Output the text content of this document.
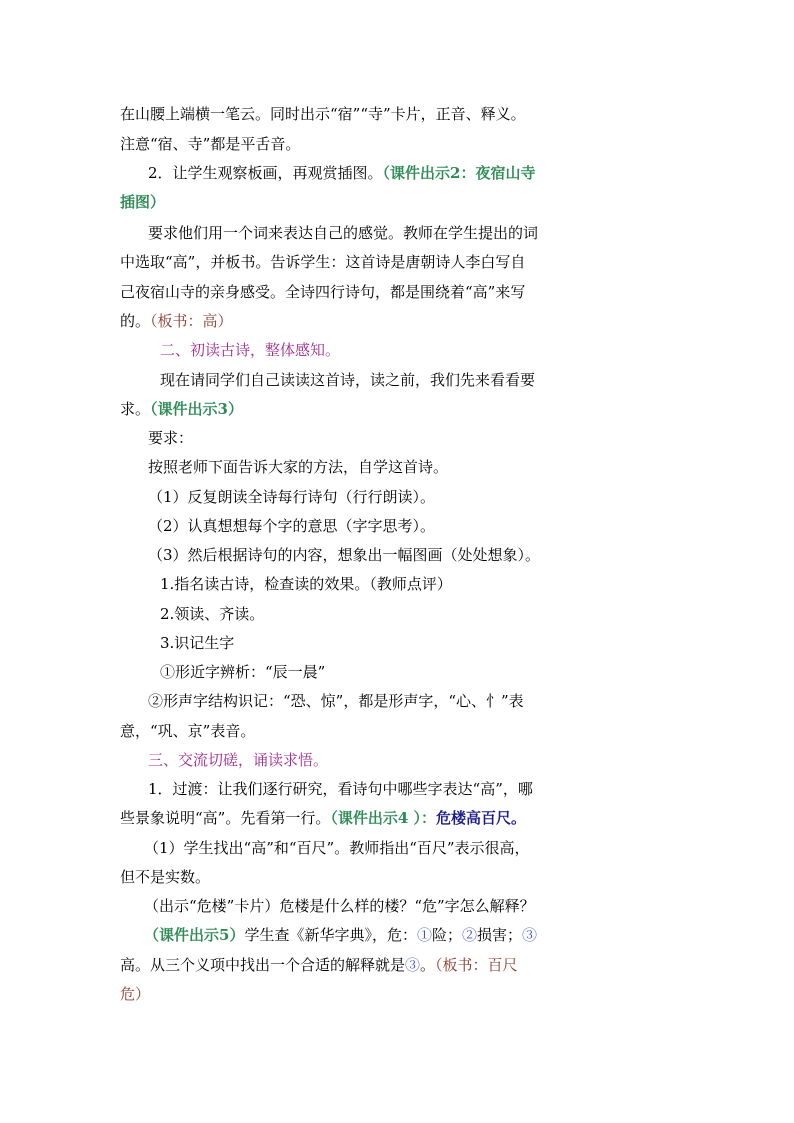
在山腰上端横一笔云。同时出示“宿”“寺”卡片，正音、释义。
注意“宿、寺”都是平舌音。
2．让学生观察板画，再观赏插图。（课件出示2：夜宿山寺
插图）
要求他们用一个词来表达自己的感觉。教师在学生提出的词
中选取“高”，并板书。告诉学生：这首诗是唐朝诗人李白写自
己夜宿山寺的亲身感受。全诗四行诗句，都是围绕着“高”来写
的。（板书：高）
二、初读古诗，整体感知。
现在请同学们自己读读这首诗，读之前，我们先来看看要
求。（课件出示3）
要求：
按照老师下面告诉大家的方法，自学这首诗。
（1）反复朗读全诗每行诗句（行行朗读）。
（2）认真想想每个字的意思（字字思考）。
（3）然后根据诗句的内容，想象出一幅图画（处处想象）。
1.指名读古诗，检查读的效果。（教师点评）
2.领读、齐读。
3.识记生字
①形近字辨析：“辰一晨”
②形声字结构识记：“恐、惊”，都是形声字，“心、忄”表
意，“巩、京”表音。
三、交流切磋，诵读求悟。
1．过渡：让我们逐行研究，看诗句中哪些字表达“高”，哪
些景象说明“高”。先看第一行。（课件出示4 ）：危楼高百尺。
（1）学生找出“高”和“百尺”。教师指出“百尺”表示很高，
但不是实数。
（出示“危楼”卡片）危楼是什么样的楼？“危”字怎么解释？
（课件出示5）学生查《新华字典》，危：①险；②损害；③
高。从三个义项中找出一个合适的解释就是③。（板书：百尺
危）
